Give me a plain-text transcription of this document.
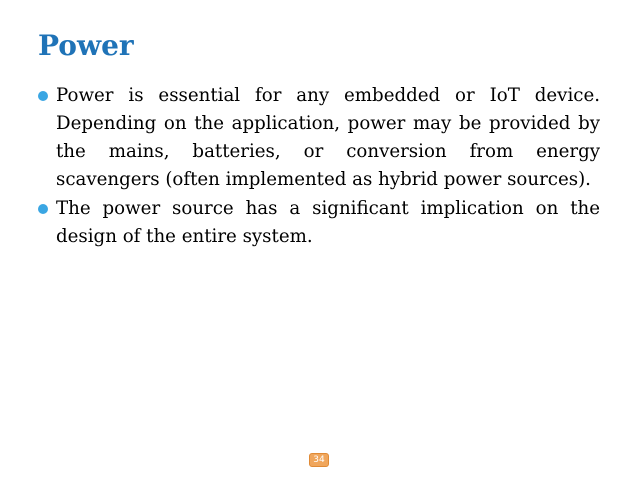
Power
Power is essential for any embedded or IoT device. Depending on the application, power may be provided by the mains, batteries, or conversion from energy scavengers (often implemented as hybrid power sources).
The power source has a significant implication on the design of the entire system.
34
